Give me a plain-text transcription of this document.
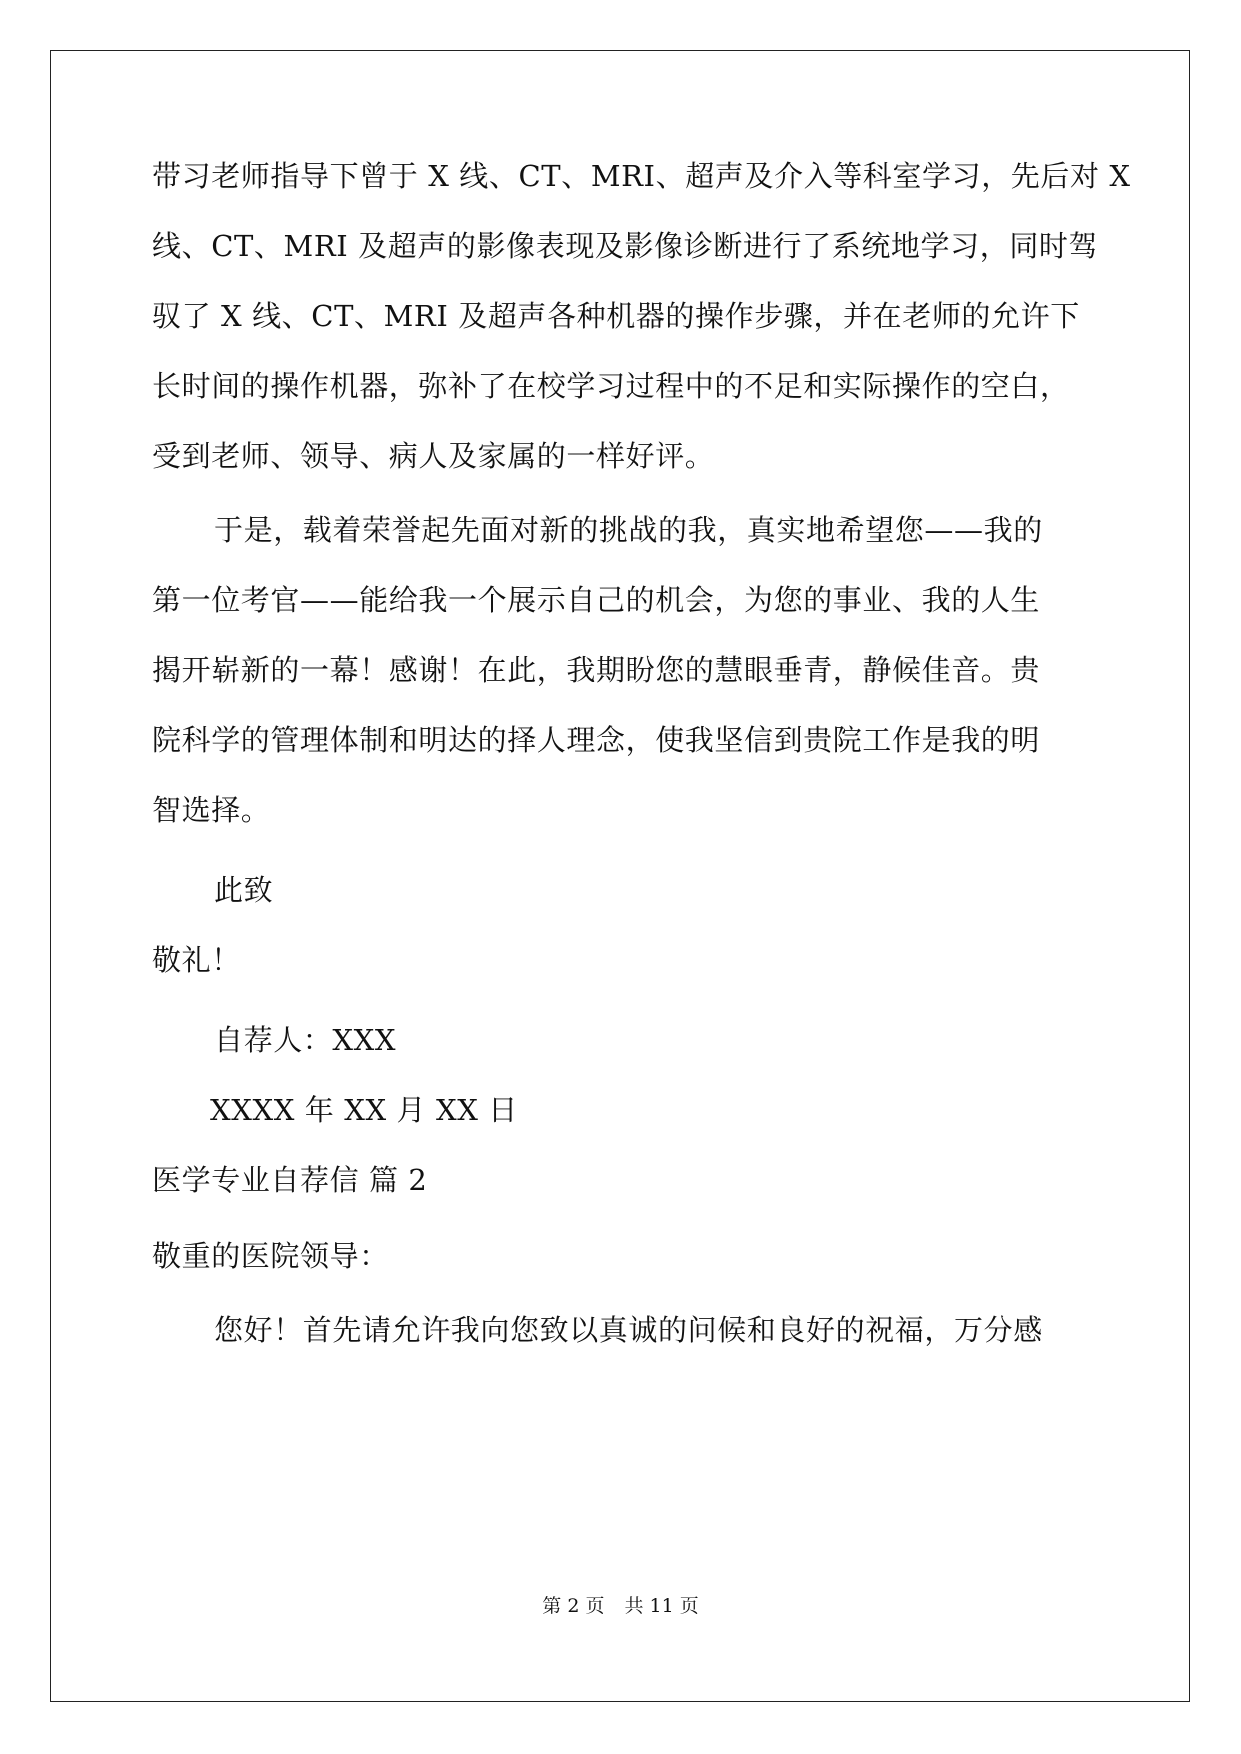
带习老师指导下曾于 X 线、CT、MRI、超声及介入等科室学习，先后对 X
线、CT、MRI 及超声的影像表现及影像诊断进行了系统地学习，同时驾
驭了 X 线、CT、MRI 及超声各种机器的操作步骤，并在老师的允许下
长时间的操作机器，弥补了在校学习过程中的不足和实际操作的空白，
受到老师、领导、病人及家属的一样好评。
于是，载着荣誉起先面对新的挑战的我，真实地希望您——我的
第一位考官——能给我一个展示自己的机会，为您的事业、我的人生
揭开崭新的一幕！感谢！在此，我期盼您的慧眼垂青，静候佳音。贵
院科学的管理体制和明达的择人理念，使我坚信到贵院工作是我的明
智选择。
此致
敬礼！
自荐人：XXX
XXXX 年 XX 月 XX 日
医学专业自荐信 篇 2
敬重的医院领导：
您好！首先请允许我向您致以真诚的问候和良好的祝福，万分感
第 2 页 共 11 页
